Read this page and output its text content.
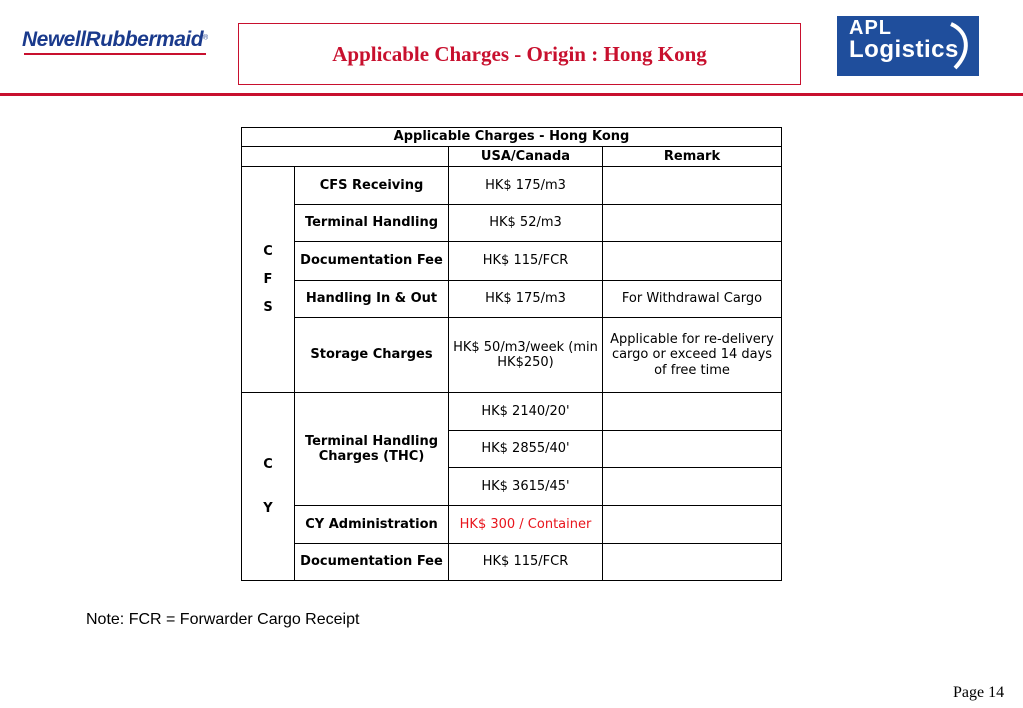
NewellRubbermaid®
Applicable Charges - Origin : Hong Kong
APL
Logistics
Applicable Charges - Hong Kong			
		USA/Canada	Remark

C

F

S	CFS Receiving	HK$ 175/m3	
	Terminal Handling	HK$ 52/m3	
	Documentation Fee	HK$ 115/FCR	
	Handling In & Out	HK$ 175/m3	For Withdrawal Cargo
	Storage Charges	HK$ 50/m3/week (min HK$250)	Applicable for re-delivery cargo or exceed 14 days of free time

C

Y	Terminal Handling Charges (THC)	HK$ 2140/20'	
		HK$ 2855/40'	
		HK$ 3615/45'	
	CY Administration	HK$ 300 / Container	
	Documentation Fee	HK$ 115/FCR	
Note: FCR = Forwarder Cargo Receipt
Page 14
